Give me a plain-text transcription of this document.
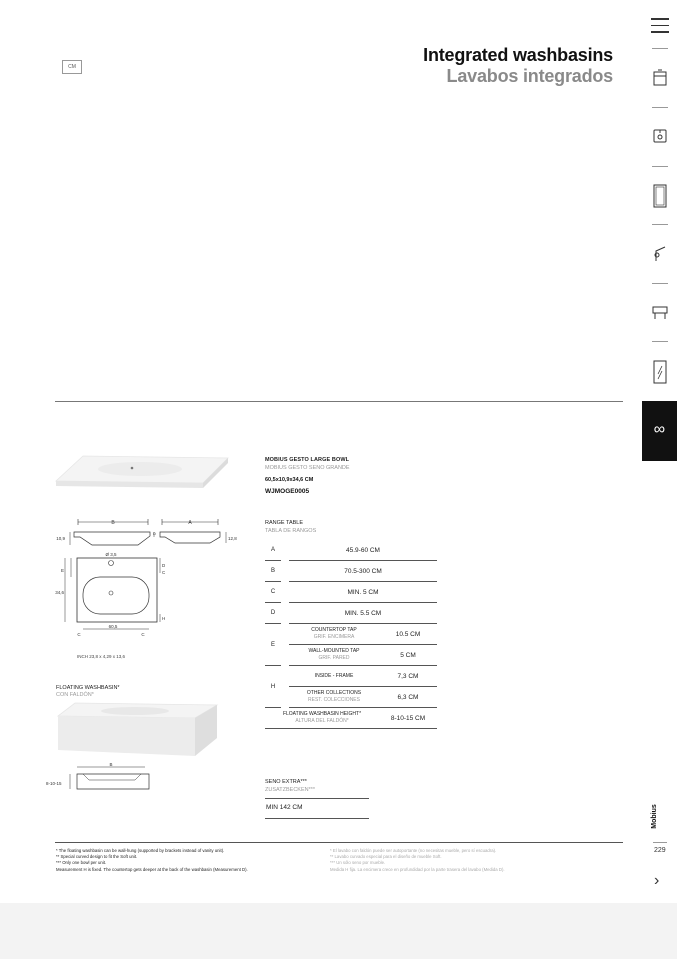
CM
Integrated washbasins
Lavabos integrados
∞
Mobius
229
›
B	A
10,9
D
12,8
Ø 3,5
34,6
E
D
C
H
60,5
C	C
INCH 23,8 x 4,29 x 13,6
FLOATING WASHBASIN*
CON FALDÓN*
B
8-10-15
MOBIUS GESTO LARGE BOWL
MOBIUS GESTO SENO GRANDE
60,5x10,9x34,6 CM
WJMOGE0005
RANGE TABLE
TABLA DE RANGOS
A		45.9-60 CM	
B		70.5-300 CM	
C		MIN. 5 CM	
D		MIN. 5.5 CM	
E		COUNTERTOP TAP
GRIF. ENCIMERA	10.5 CM
		WALL-MOUNTED TAP
GRIF. PARED	5 CM
H		INSIDE - FRAME	7,3 CM
		OTHER COLLECTIONS
REST. COLECCIONES	6,3 CM
FLOATING WASHBASIN HEIGHT*
ALTURA DEL FALDÓN*			8-10-15 CM
SENO EXTRA***
ZUSATZBECKEN***
MIN 142 CM
* The floating washbasin can be wall-hung (supported by brackets instead of vanity unit).
** Special curved design to fit the Soft unit.
*** Only one bowl per unit.
Measurement H is fixed. The countertop gets deeper at the back of the washbasin (Measurement D).
* El lavabo con faldón puede ser autoportante (no necesitas mueble, pero sí escuadra).
** Lavabo curvado especial para el diseño de mueble Soft.
*** Un sólo seno por mueble.
Medida H fija. La encimera crece en profundidad por la parte trasera del lavabo (Medida D).
